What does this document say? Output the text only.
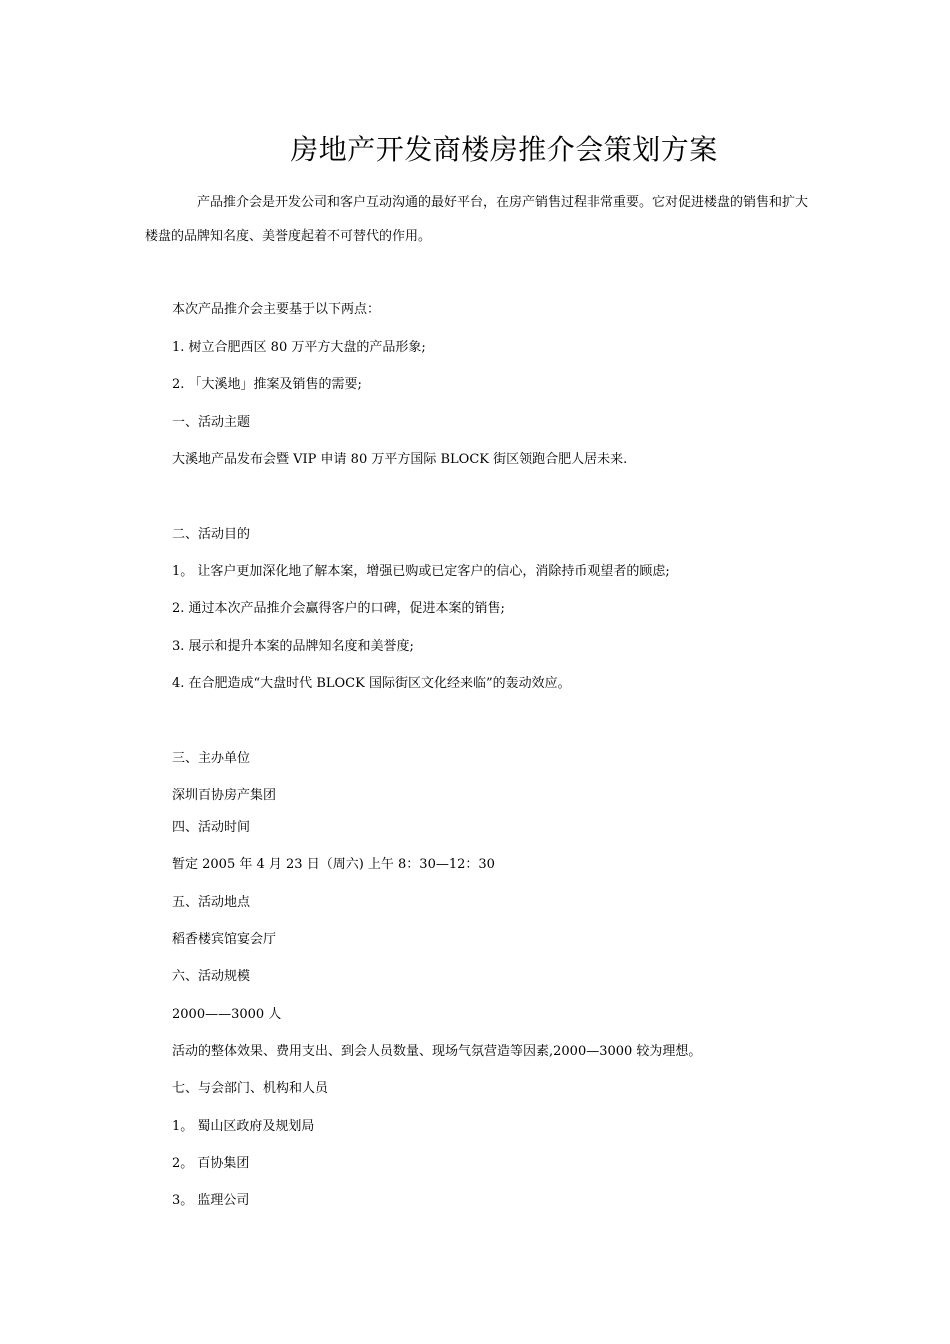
房地产开发商楼房推介会策划方案

产品推介会是开发公司和客户互动沟通的最好平台，在房产销售过程非常重要。它对促进楼盘的销售和扩大楼盘的品牌知名度、美誉度起着不可替代的作用。

本次产品推介会主要基于以下两点：

1. 树立合肥西区 80 万平方大盘的产品形象;

2. 「大溪地」推案及销售的需要;

一、活动主题

大溪地产品发布会暨 VIP 申请 80 万平方国际 BLOCK 街区领跑合肥人居未来.

二、活动目的

1。 让客户更加深化地了解本案，增强已购或已定客户的信心，消除持币观望者的顾虑;

2. 通过本次产品推介会赢得客户的口碑，促进本案的销售;

3. 展示和提升本案的品牌知名度和美誉度;

4. 在合肥造成“大盘时代 BLOCK 国际街区文化经来临”的轰动效应。

三、主办单位

深圳百协房产集团

四、活动时间

暂定 2005 年 4 月 23 日（周六) 上午 8：30—12：30

五、活动地点

稻香楼宾馆宴会厅

六、活动规模

2000——3000 人

活动的整体效果、费用支出、到会人员数量、现场气氛营造等因素,2000—3000 较为理想。

七、与会部门、机构和人员

1。 蜀山区政府及规划局

2。 百协集团

3。 监理公司
